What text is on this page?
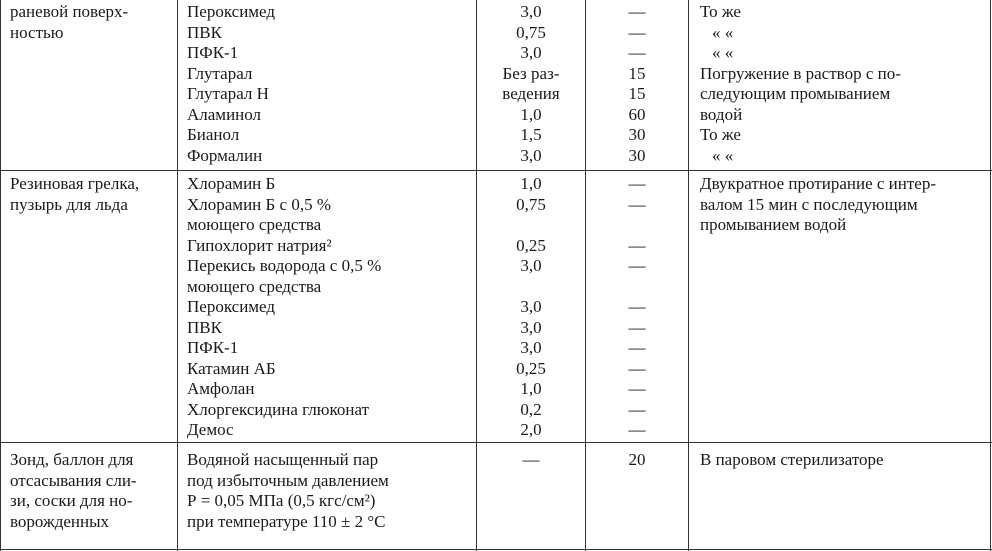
раневой поверх-
ностью
Пероксимед
ПВК
ПФК-1
Глутарал
Глутарал Н
Аламинол
Бианол
Формалин
3,0
0,75
3,0
Без раз-
ведения
1,0
1,5
3,0
—
—
—
15
15
60
30
30
То же
« «
« «
Погружение в раствор с по-
следующим промыванием
водой
То же
« «
Резиновая грелка,
пузырь для льда
Хлорамин Б
Хлорамин Б с 0,5 %
моющего средства
Гипохлорит натрия²
Перекись водорода с 0,5 %
моющего средства
Пероксимед
ПВК
ПФК-1
Катамин АБ
Амфолан
Хлоргексидина глюконат
Демос
1,0
0,75
0,25
3,0
3,0
3,0
3,0
0,25
1,0
0,2
2,0
—
—
—
—
—
—
—
—
—
—
—
Двукратное протирание с интер-
валом 15 мин с последующим
промыванием водой
Зонд, баллон для
отсасывания сли-
зи, соски для но-
ворожденных
Водяной насыщенный пар
под избыточным давлением
Р = 0,05 МПа (0,5 кгс/см²)
при температуре 110 ± 2 °С
—	20	В паровом стерилизаторе
